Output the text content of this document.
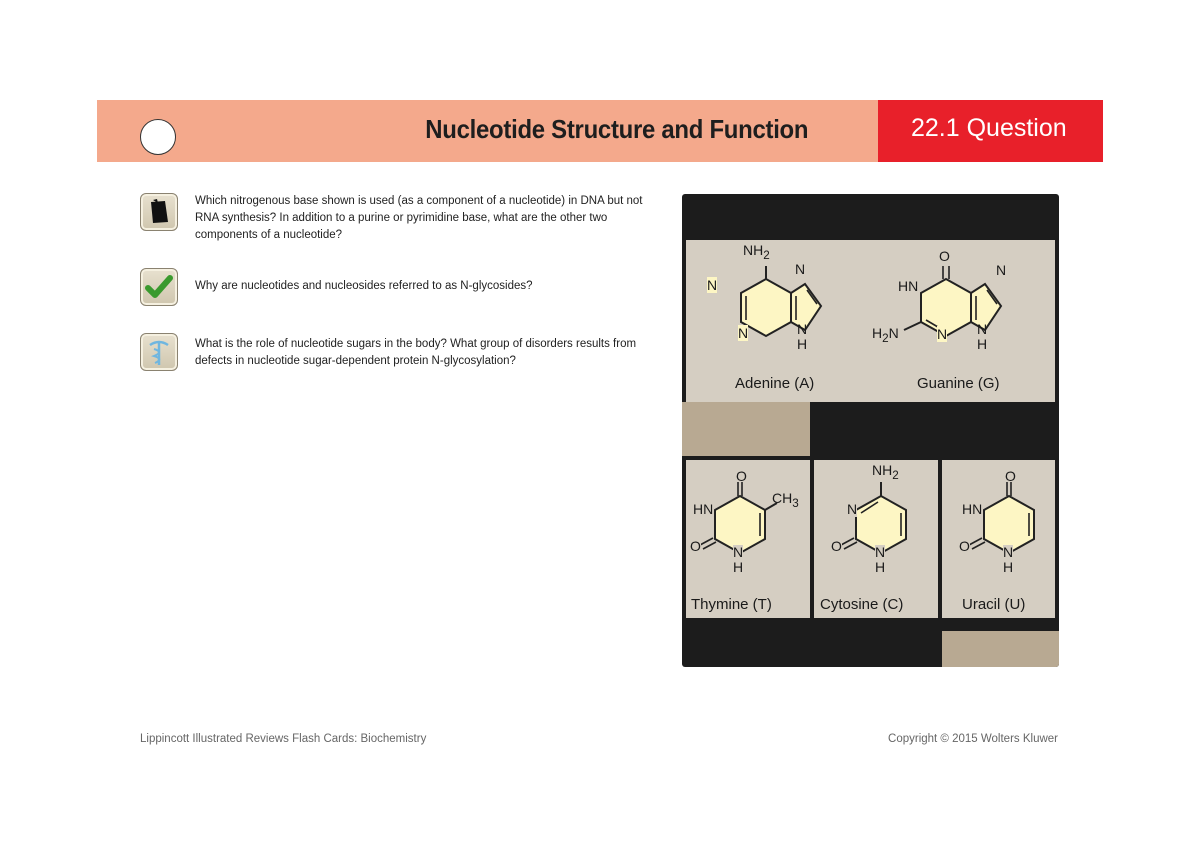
Nucleotide Structure and Function	22.1 Question
Which nitrogenous base shown is used (as a component of a nucleotide) in DNA but not RNA synthesis? In addition to a purine or pyrimidine base, what are the other two components of a nucleotide?
Why are nucleotides and nucleosides referred to as N-glycosides?
What is the role of nucleotide sugars in the body? What group of disorders results from defects in nucleotide sugar-dependent protein N-glycosylation?
$NH_2$
N
N
N	N
H
Adenine (A)
O
HN
N
$H_2N$	N N
H
Guanine (G)
O
HN
$CH_3$
O N
H
Thymine (T)
$NH_2$
N
O N
H
Cytosine (C)
O
HN
O N
H
Uracil (U)
Lippincott Illustrated Reviews Flash Cards: Biochemistry	Copyright © 2015 Wolters Kluwer
